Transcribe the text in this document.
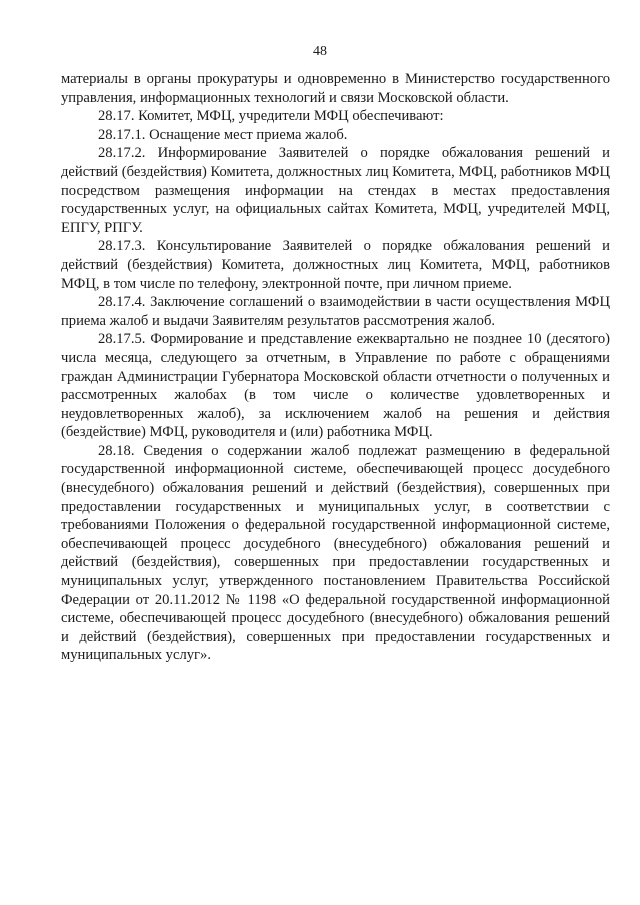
48

материалы в органы прокуратуры и одновременно в Министерство государственного управления, информационных технологий и связи Московской области.

28.17. Комитет, МФЦ, учредители МФЦ обеспечивают:

28.17.1. Оснащение мест приема жалоб.

28.17.2. Информирование Заявителей о порядке обжалования решений и действий (бездействия) Комитета, должностных лиц Комитета, МФЦ, работников МФЦ посредством размещения информации на стендах в местах предоставления государственных услуг, на официальных сайтах Комитета, МФЦ, учредителей МФЦ, ЕПГУ, РПГУ.

28.17.3. Консультирование Заявителей о порядке обжалования решений и действий (бездействия) Комитета, должностных лиц Комитета, МФЦ, работников МФЦ, в том числе по телефону, электронной почте, при личном приеме.

28.17.4. Заключение соглашений о взаимодействии в части осуществления МФЦ приема жалоб и выдачи Заявителям результатов рассмотрения жалоб.

28.17.5. Формирование и представление ежеквартально не позднее 10 (десятого) числа месяца, следующего за отчетным, в Управление по работе с обращениями граждан Администрации Губернатора Московской области отчетности о полученных и рассмотренных жалобах (в том числе о количестве удовлетворенных и неудовлетворенных жалоб), за исключением жалоб на решения и действия (бездействие) МФЦ, руководителя и (или) работника МФЦ.

28.18. Сведения о содержании жалоб подлежат размещению в федеральной государственной информационной системе, обеспечивающей процесс досудебного (внесудебного) обжалования решений и действий (бездействия), совершенных при предоставлении государственных и муниципальных услуг, в соответствии с требованиями Положения о федеральной государственной информационной системе, обеспечивающей процесс досудебного (внесудебного) обжалования решений и действий (бездействия), совершенных при предоставлении государственных и муниципальных услуг, утвержденного постановлением Правительства Российской Федерации от 20.11.2012 № 1198 «О федеральной государственной информационной системе, обеспечивающей процесс досудебного (внесудебного) обжалования решений и действий (бездействия), совершенных при предоставлении государственных и муниципальных услуг».
